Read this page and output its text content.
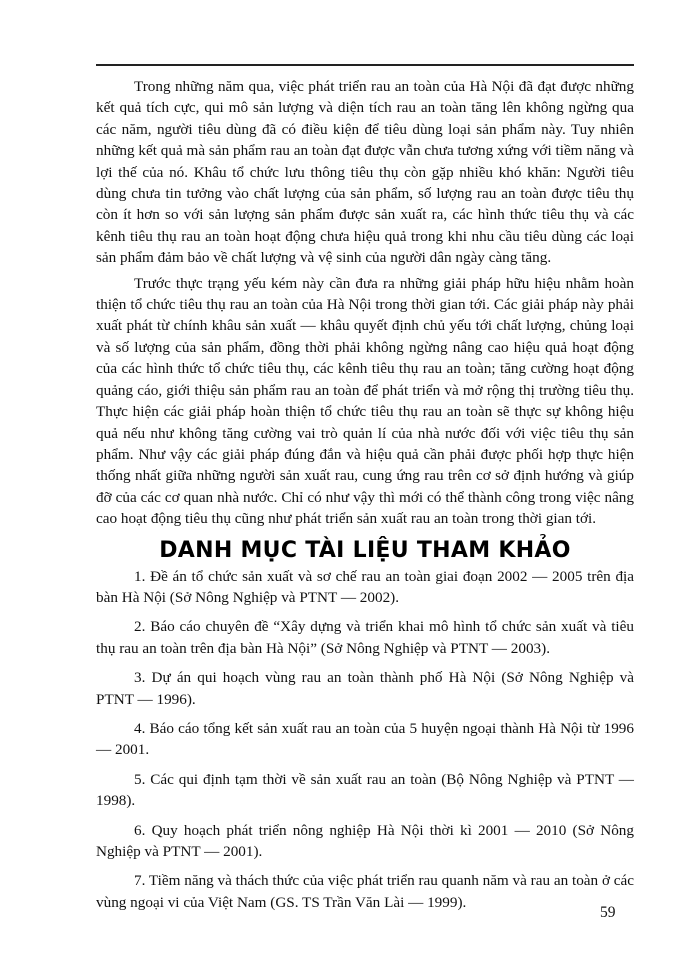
Trong những năm qua, việc phát triển rau an toàn của Hà Nội đã đạt được những kết quả tích cực, qui mô sản lượng và diện tích rau an toàn tăng lên không ngừng qua các năm, người tiêu dùng đã có điều kiện để tiêu dùng loại sản phẩm này. Tuy nhiên những kết quả mà sản phẩm rau an toàn đạt được vẫn chưa tương xứng với tiềm năng và lợi thế của nó. Khâu tổ chức lưu thông tiêu thụ còn gặp nhiều khó khăn: Người tiêu dùng chưa tin tưởng vào chất lượng của sản phẩm, số lượng rau an toàn được tiêu thụ còn ít hơn so với sản lượng sản phẩm được sản xuất ra, các hình thức tiêu thụ và các kênh tiêu thụ rau an toàn hoạt động chưa hiệu quả trong khi nhu cầu tiêu dùng các loại sản phẩm đảm bảo về chất lượng và vệ sinh của người dân ngày càng tăng.

Trước thực trạng yếu kém này cần đưa ra những giải pháp hữu hiệu nhằm hoàn thiện tổ chức tiêu thụ rau an toàn của Hà Nội trong thời gian tới. Các giải pháp này phải xuất phát từ chính khâu sản xuất — khâu quyết định chủ yếu tới chất lượng, chủng loại và số lượng của sản phẩm, đồng thời phải không ngừng nâng cao hiệu quả hoạt động của các hình thức tổ chức tiêu thụ, các kênh tiêu thụ rau an toàn; tăng cường hoạt động quảng cáo, giới thiệu sản phẩm rau an toàn để phát triển và mở rộng thị trường tiêu thụ. Thực hiện các giải pháp hoàn thiện tổ chức tiêu thụ rau an toàn sẽ thực sự không hiệu quả nếu như không tăng cường vai trò quản lí của nhà nước đối với việc tiêu thụ sản phẩm. Như vậy các giải pháp đúng đắn và hiệu quả cần phải được phối hợp thực hiện thống nhất giữa những người sản xuất rau, cung ứng rau trên cơ sở định hướng và giúp đỡ của các cơ quan nhà nước. Chỉ có như vậy thì mới có thể thành công trong việc nâng cao hoạt động tiêu thụ cũng như phát triển sản xuất rau an toàn trong thời gian tới.

DANH MỤC TÀI LIỆU THAM KHẢO
1. Đề án tổ chức sản xuất và sơ chế rau an toàn giai đoạn 2002 — 2005 trên địa bàn Hà Nội (Sở Nông Nghiệp và PTNT — 2002).
2. Báo cáo chuyên đề “Xây dựng và triển khai mô hình tổ chức sản xuất và tiêu thụ rau an toàn trên địa bàn Hà Nội” (Sở Nông Nghiệp và PTNT — 2003).
3. Dự án qui hoạch vùng rau an toàn thành phố Hà Nội (Sở Nông Nghiệp và PTNT — 1996).
4. Báo cáo tổng kết sản xuất rau an toàn của 5 huyện ngoại thành Hà Nội từ 1996 — 2001.
5. Các qui định tạm thời về sản xuất rau an toàn (Bộ Nông Nghiệp và PTNT — 1998).
6. Quy hoạch phát triển nông nghiệp Hà Nội thời kì 2001 — 2010 (Sở Nông Nghiệp và PTNT — 2001).
7. Tiềm năng và thách thức của việc phát triển rau quanh năm và rau an toàn ở các vùng ngoại vi của Việt Nam (GS. TS Trần Văn Lài — 1999).
59
